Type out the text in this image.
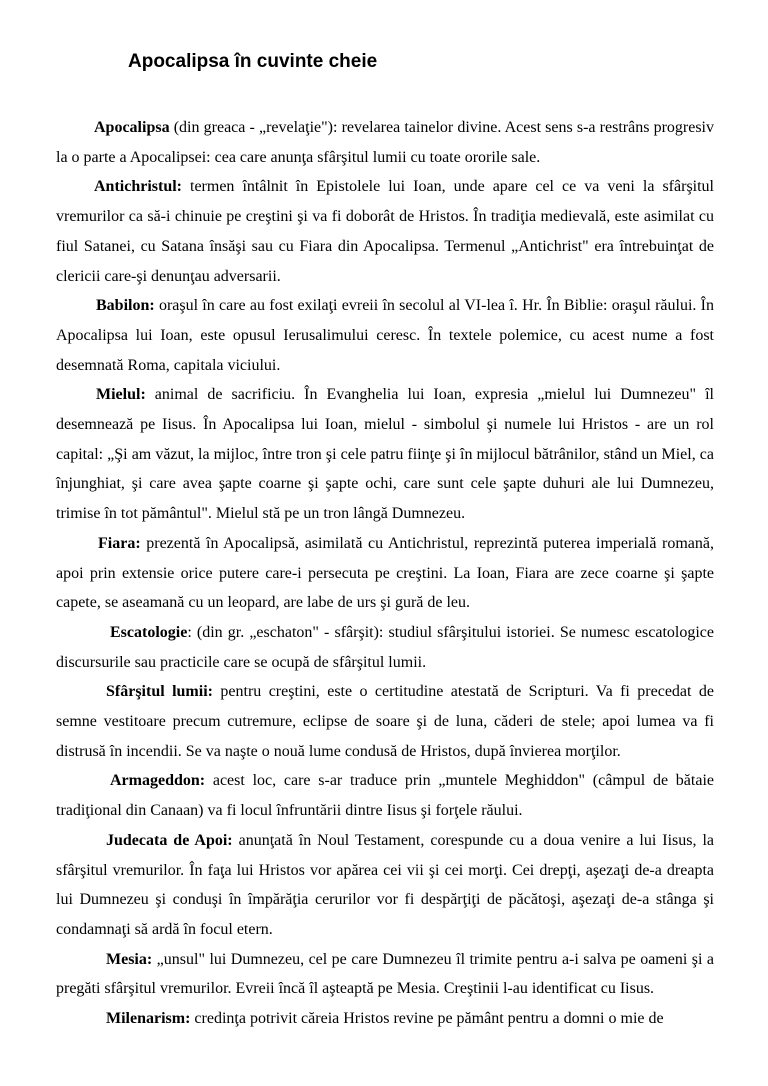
Apocalipsa în cuvinte cheie

Apocalipsa (din greaca - „revelaţie"): revelarea tainelor divine. Acest sens s-a restrâns progresiv la o parte a Apocalipsei: cea care anunţa sfârşitul lumii cu toate ororile sale.

Antichristul: termen întâlnit în Epistolele lui Ioan, unde apare cel ce va veni la sfârşitul vremurilor ca să-i chinuie pe creştini şi va fi doborât de Hristos. În tradiţia medievală, este asimilat cu fiul Satanei, cu Satana însăşi sau cu Fiara din Apocalipsa. Termenul „Antichrist" era întrebuinţat de clericii care-şi denunţau adversarii.

Babilon: oraşul în care au fost exilaţi evreii în secolul al VI-lea î. Hr. În Biblie: oraşul răului. În Apocalipsa lui Ioan, este opusul Ierusalimului ceresc. În textele polemice, cu acest nume a fost desemnată Roma, capitala viciului.

Mielul: animal de sacrificiu. În Evanghelia lui Ioan, expresia „mielul lui Dumnezeu" îl desemnează pe Iisus. În Apocalipsa lui Ioan, mielul - simbolul şi numele lui Hristos - are un rol capital: „Şi am văzut, la mijloc, între tron şi cele patru fiinţe şi în mijlocul bătrânilor, stând un Miel, ca înjunghiat, şi care avea şapte coarne şi şapte ochi, care sunt cele şapte duhuri ale lui Dumnezeu, trimise în tot pământul". Mielul stă pe un tron lângă Dumnezeu.

Fiara: prezentă în Apocalipsă, asimilată cu Antichristul, reprezintă puterea imperială romană, apoi prin extensie orice putere care-i persecuta pe creştini. La Ioan, Fiara are zece coarne şi şapte capete, se aseamană cu un leopard, are labe de urs şi gură de leu.

Escatologie: (din gr. „eschaton" - sfârşit): studiul sfârşitului istoriei. Se numesc escatologice discursurile sau practicile care se ocupă de sfârşitul lumii.

Sfârşitul lumii: pentru creştini, este o certitudine atestată de Scripturi. Va fi precedat de semne vestitoare precum cutremure, eclipse de soare şi de luna, căderi de stele; apoi lumea va fi distrusă în incendii. Se va naşte o nouă lume condusă de Hristos, după învierea morţilor.

Armageddon: acest loc, care s-ar traduce prin „muntele Meghiddon" (câmpul de bătaie tradiţional din Canaan) va fi locul înfruntării dintre Iisus şi forţele răului.

Judecata de Apoi: anunţată în Noul Testament, corespunde cu a doua venire a lui Iisus, la sfârşitul vremurilor. În faţa lui Hristos vor apărea cei vii şi cei morţi. Cei drepţi, aşezaţi de-a dreapta lui Dumnezeu şi conduşi în împărăţia cerurilor vor fi despărţiţi de păcătoşi, aşezaţi de-a stânga şi condamnaţi să ardă în focul etern.

Mesia: „unsul" lui Dumnezeu, cel pe care Dumnezeu îl trimite pentru a-i salva pe oameni şi a pregăti sfârşitul vremurilor. Evreii încă îl aşteaptă pe Mesia. Creştinii l-au identificat cu Iisus.

Milenarism: credinţa potrivit căreia Hristos revine pe pământ pentru a domni o mie de
